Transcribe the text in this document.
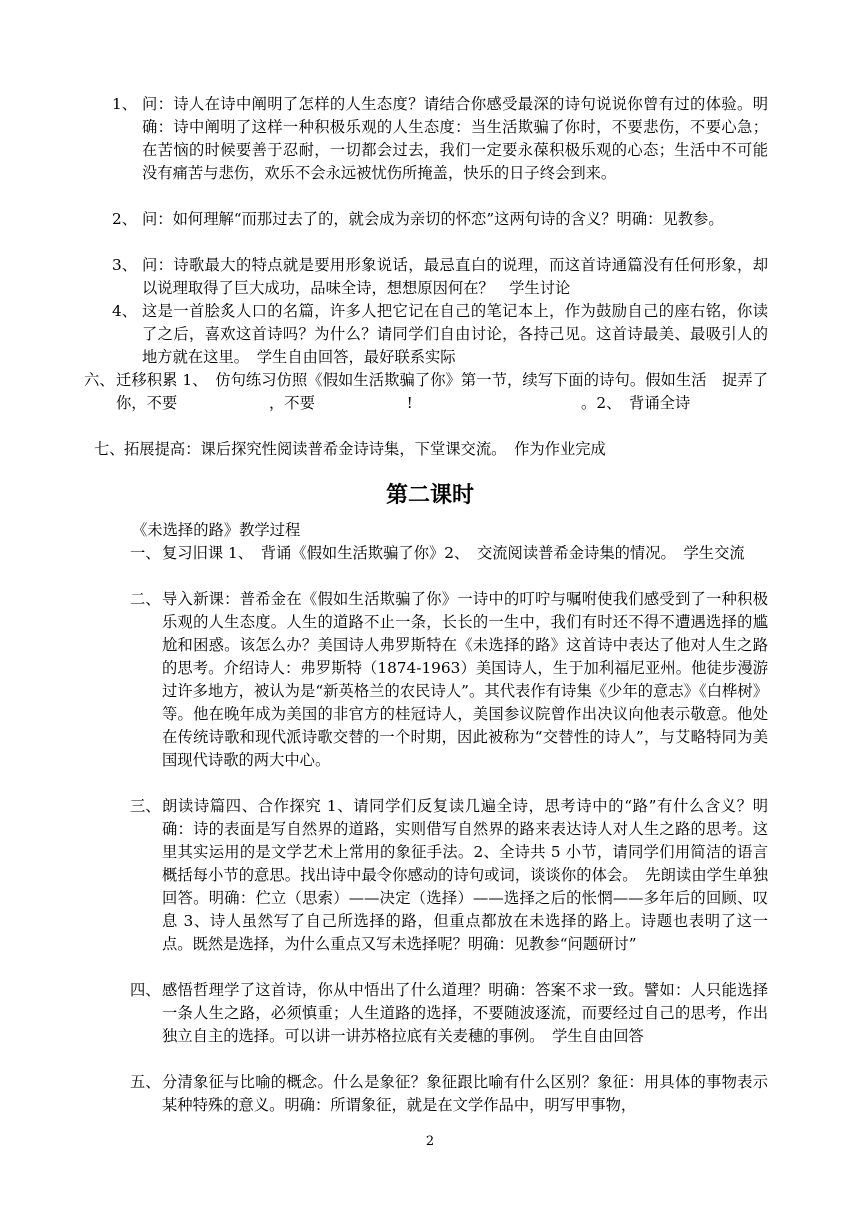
1、 问：诗人在诗中阐明了怎样的人生态度？请结合你感受最深的诗句说说你曾有过的体验。明确：诗中阐明了这样一种积极乐观的人生态度：当生活欺骗了你时，不要悲伤，不要心急；在苦恼的时候要善于忍耐，一切都会过去，我们一定要永葆积极乐观的心态；生活中不可能没有痛苦与悲伤，欢乐不会永远被忧伤所掩盖，快乐的日子终会到来。
2、 问：如何理解“而那过去了的，就会成为亲切的怀恋”这两句诗的含义？明确：见教参。
3、 问：诗歌最大的特点就是要用形象说话，最忌直白的说理，而这首诗通篇没有任何形象，却以说理取得了巨大成功，品味全诗，想想原因何在？　学生讨论
4、 这是一首脍炙人口的名篇，许多人把它记在自己的笔记本上，作为鼓励自己的座右铭，你读了之后，喜欢这首诗吗？为什么？请同学们自由讨论，各持己见。这首诗最美、最吸引人的地方就在这里。　学生自由回答，最好联系实际
六、 迁移积累 1、　仿句练习仿照《假如生活欺骗了你》第一节，续写下面的诗句。假如生活　捉弄了你，不要　　　　　　，不要　　　　　　!　　　　　　　　　　　。2、　背诵全诗
七、 拓展提高：课后探究性阅读普希金诗诗集，下堂课交流。　作为作业完成
第二课时
《未选择的路》教学过程
一、 复习旧课 1、　背诵《假如生活欺骗了你》2、　交流阅读普希金诗集的情况。　学生交流
二、 导入新课：普希金在《假如生活欺骗了你》一诗中的叮咛与嘱咐使我们感受到了一种积极乐观的人生态度。人生的道路不止一条，长长的一生中，我们有时还不得不遭遇选择的尴尬和困惑。该怎么办？美国诗人弗罗斯特在《未选择的路》这首诗中表达了他对人生之路的思考。介绍诗人：弗罗斯特（1874-1963）美国诗人，生于加利福尼亚州。他徒步漫游过许多地方，被认为是“新英格兰的农民诗人”。其代表作有诗集《少年的意志》《白桦树》等。他在晚年成为美国的非官方的桂冠诗人，美国参议院曾作出决议向他表示敬意。他处在传统诗歌和现代派诗歌交替的一个时期，因此被称为“交替性的诗人”，与艾略特同为美国现代诗歌的两大中心。
三、 朗读诗篇四、合作探究 1、请同学们反复读几遍全诗，思考诗中的“路”有什么含义？明确：诗的表面是写自然界的道路，实则借写自然界的路来表达诗人对人生之路的思考。这里其实运用的是文学艺术上常用的象征手法。2、全诗共 5 小节，请同学们用简洁的语言概括每小节的意思。找出诗中最令你感动的诗句或词，谈谈你的体会。　先朗读由学生单独回答。明确：伫立（思索）——决定（选择）——选择之后的怅惘——多年后的回顾、叹息 3、诗人虽然写了自己所选择的路，但重点都放在未选择的路上。诗题也表明了这一点。既然是选择，为什么重点又写未选择呢？明确：见教参“问题研讨”
四、 感悟哲理学了这首诗，你从中悟出了什么道理？明确：答案不求一致。譬如：人只能选择一条人生之路，必须慎重；人生道路的选择，不要随波逐流，而要经过自己的思考，作出独立自主的选择。可以讲一讲苏格拉底有关麦穗的事例。　学生自由回答
五、 分清象征与比喻的概念。什么是象征？象征跟比喻有什么区别？象征：用具体的事物表示某种特殊的意义。明确：所谓象征，就是在文学作品中，明写甲事物，
2
